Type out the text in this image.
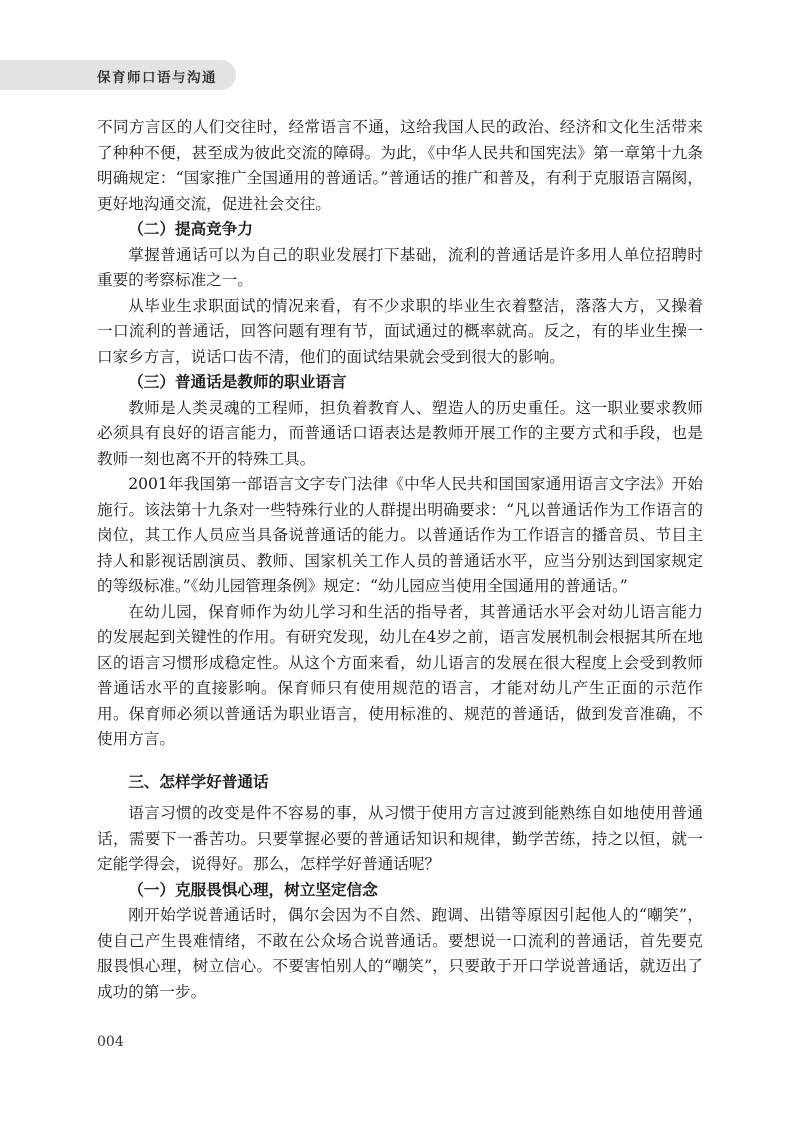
保育师口语与沟通

不同方言区的人们交往时，经常语言不通，这给我国人民的政治、经济和文化生活带来了种种不便，甚至成为彼此交流的障碍。为此，《中华人民共和国宪法》第一章第十九条明确规定：“国家推广全国通用的普通话。”普通话的推广和普及，有利于克服语言隔阂，更好地沟通交流，促进社会交往。

（二）提高竞争力

掌握普通话可以为自己的职业发展打下基础，流利的普通话是许多用人单位招聘时重要的考察标准之一。

从毕业生求职面试的情况来看，有不少求职的毕业生衣着整洁，落落大方，又操着一口流利的普通话，回答问题有理有节，面试通过的概率就高。反之，有的毕业生操一口家乡方言，说话口齿不清，他们的面试结果就会受到很大的影响。

（三）普通话是教师的职业语言

教师是人类灵魂的工程师，担负着教育人、塑造人的历史重任。这一职业要求教师必须具有良好的语言能力，而普通话口语表达是教师开展工作的主要方式和手段，也是教师一刻也离不开的特殊工具。

2001年我国第一部语言文字专门法律《中华人民共和国国家通用语言文字法》开始施行。该法第十九条对一些特殊行业的人群提出明确要求：“凡以普通话作为工作语言的岗位，其工作人员应当具备说普通话的能力。以普通话作为工作语言的播音员、节目主持人和影视话剧演员、教师、国家机关工作人员的普通话水平，应当分别达到国家规定的等级标准。”《幼儿园管理条例》规定：“幼儿园应当使用全国通用的普通话。”

在幼儿园，保育师作为幼儿学习和生活的指导者，其普通话水平会对幼儿语言能力的发展起到关键性的作用。有研究发现，幼儿在4岁之前，语言发展机制会根据其所在地区的语言习惯形成稳定性。从这个方面来看，幼儿语言的发展在很大程度上会受到教师普通话水平的直接影响。保育师只有使用规范的语言，才能对幼儿产生正面的示范作用。保育师必须以普通话为职业语言，使用标准的、规范的普通话，做到发音准确，不使用方言。

三、怎样学好普通话

语言习惯的改变是件不容易的事，从习惯于使用方言过渡到能熟练自如地使用普通话，需要下一番苦功。只要掌握必要的普通话知识和规律，勤学苦练，持之以恒，就一定能学得会，说得好。那么，怎样学好普通话呢？

（一）克服畏惧心理，树立坚定信念

刚开始学说普通话时，偶尔会因为不自然、跑调、出错等原因引起他人的“嘲笑”，使自己产生畏难情绪，不敢在公众场合说普通话。要想说一口流利的普通话，首先要克服畏惧心理，树立信心。不要害怕别人的“嘲笑”，只要敢于开口学说普通话，就迈出了成功的第一步。

004
